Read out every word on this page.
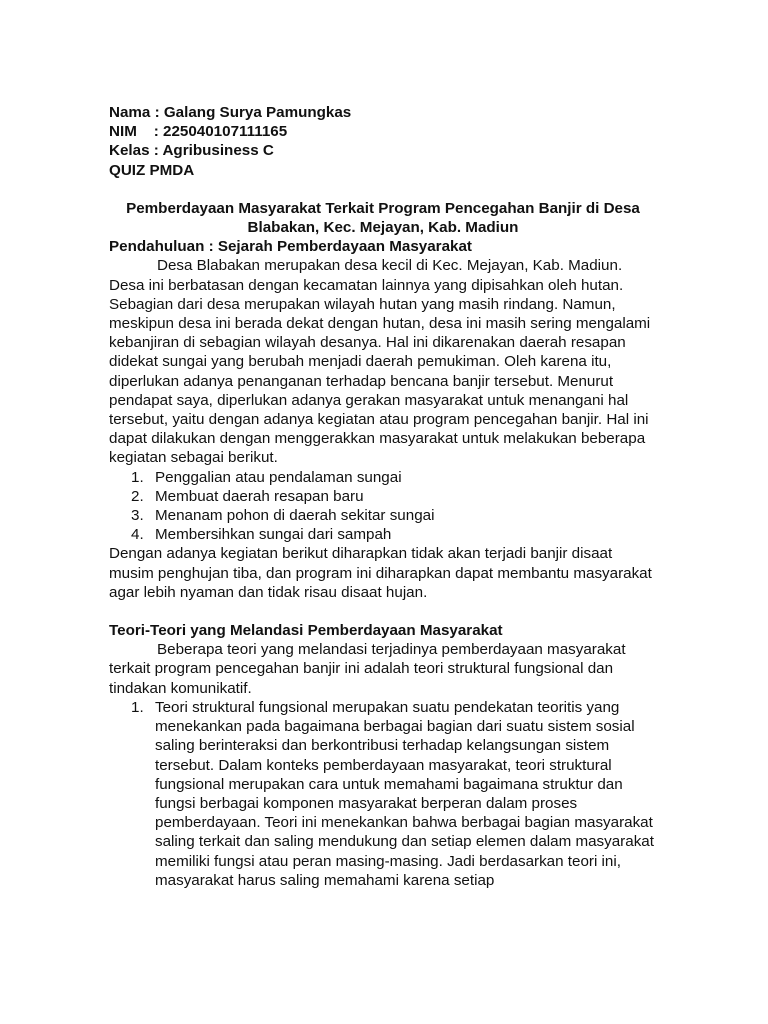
Nama : Galang Surya Pamungkas
NIM    : 225040107111165
Kelas : Agribusiness C
QUIZ PMDA
Pemberdayaan Masyarakat Terkait Program Pencegahan Banjir di Desa
Blabakan, Kec. Mejayan, Kab. Madiun
Pendahuluan : Sejarah Pemberdayaan Masyarakat

Desa Blabakan merupakan desa kecil di Kec. Mejayan, Kab. Madiun. Desa ini berbatasan dengan kecamatan lainnya yang dipisahkan oleh hutan. Sebagian dari desa merupakan wilayah hutan yang masih rindang. Namun, meskipun desa ini berada dekat dengan hutan, desa ini masih sering mengalami kebanjiran di sebagian wilayah desanya. Hal ini dikarenakan daerah resapan didekat sungai yang berubah menjadi daerah pemukiman. Oleh karena itu, diperlukan adanya penanganan terhadap bencana banjir tersebut. Menurut pendapat saya, diperlukan adanya gerakan masyarakat untuk menangani hal tersebut, yaitu dengan adanya kegiatan atau program pencegahan banjir. Hal ini dapat dilakukan dengan menggerakkan masyarakat untuk melakukan beberapa kegiatan sebagai berikut.

1. Penggalian atau pendalaman sungai
2. Membuat daerah resapan baru
3. Menanam pohon di daerah sekitar sungai
4. Membersihkan sungai dari sampah

Dengan adanya kegiatan berikut diharapkan tidak akan terjadi banjir disaat musim penghujan tiba, dan program ini diharapkan dapat membantu masyarakat agar lebih nyaman dan tidak risau disaat hujan.

Teori-Teori yang Melandasi Pemberdayaan Masyarakat

Beberapa teori yang melandasi terjadinya pemberdayaan masyarakat terkait program pencegahan banjir ini adalah teori struktural fungsional dan tindakan komunikatif.

1. Teori struktural fungsional merupakan suatu pendekatan teoritis yang menekankan pada bagaimana berbagai bagian dari suatu sistem sosial saling berinteraksi dan berkontribusi terhadap kelangsungan sistem tersebut. Dalam konteks pemberdayaan masyarakat, teori struktural fungsional merupakan cara untuk memahami bagaimana struktur dan fungsi berbagai komponen masyarakat berperan dalam proses pemberdayaan. Teori ini menekankan bahwa berbagai bagian masyarakat saling terkait dan saling mendukung dan setiap elemen dalam masyarakat memiliki fungsi atau peran masing-masing. Jadi berdasarkan teori ini, masyarakat harus saling memahami karena setiap
